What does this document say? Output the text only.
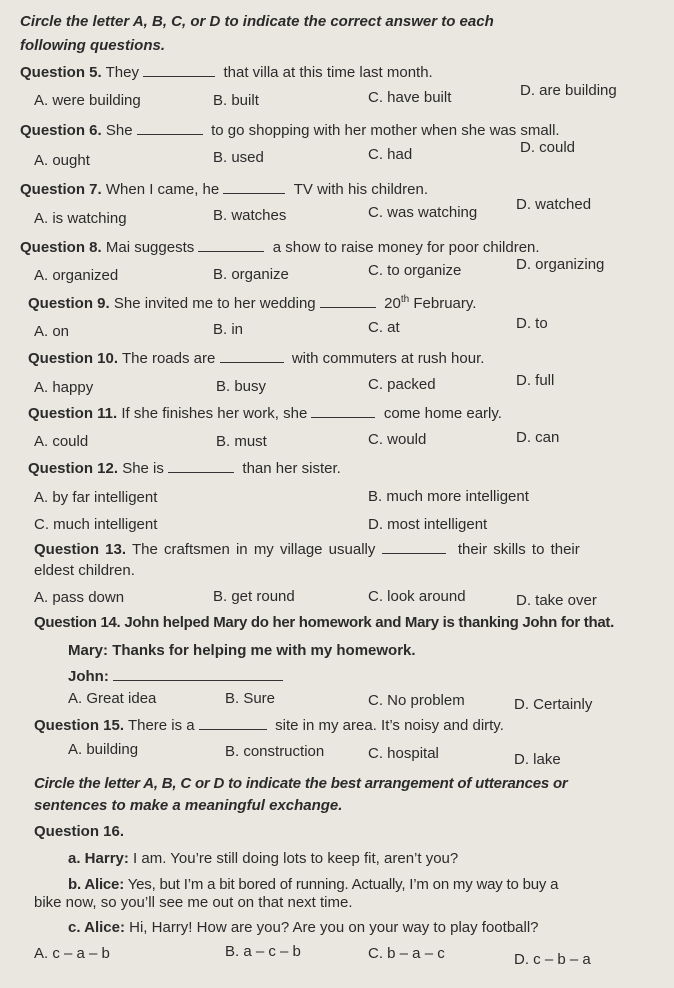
Circle the letter A, B, C, or D to indicate the correct answer to each
following questions.
Question 5. They	that villa at this time last month.
A. were building	B. built	C. have built	D. are building
Question 6. She	to go shopping with her mother when she was small.
A. ought	B. used	C. had	D. could
Question 7. When I came, he	TV with his children.
A. is watching	B. watches	C. was watching	D. watched
Question 8. Mai suggests	a show to raise money for poor children.
A. organized	B. organize	C. to organize	D. organizing
Question 9. She invited me to her wedding	20th February.
A. on	B. in	C. at	D. to
Question 10. The roads are	with commuters at rush hour.
A. happy	B. busy	C. packed	D. full
Question 11. If she finishes her work, she	come home early.
A. could	B. must	C. would	D. can
Question 12. She is	than her sister.
A. by far intelligent	B. much more intelligent
C. much intelligent	D. most intelligent
Question 13. The craftsmen in my village usually	their skills to their
eldest children.
A. pass down	B. get round	C. look around	D. take over
Question 14. John helped Mary do her homework and Mary is thanking John for that.
Mary: Thanks for helping me with my homework.
John:
A. Great idea	B. Sure	C. No problem	D. Certainly
Question 15. There is a	site in my area. It’s noisy and dirty.
A. building	B. construction	C. hospital	D. lake
Circle the letter A, B, C or D to indicate the best arrangement of utterances or
sentences to make a meaningful exchange.
Question 16.
a. Harry: I am. You’re still doing lots to keep fit, aren’t you?
b. Alice: Yes, but I’m a bit bored of running. Actually, I’m on my way to buy a
bike now, so you’ll see me out on that next time.
c. Alice: Hi, Harry! How are you? Are you on your way to play football?
A. c – a – b	B. a – c – b	C. b – a – c	D. c – b – a
